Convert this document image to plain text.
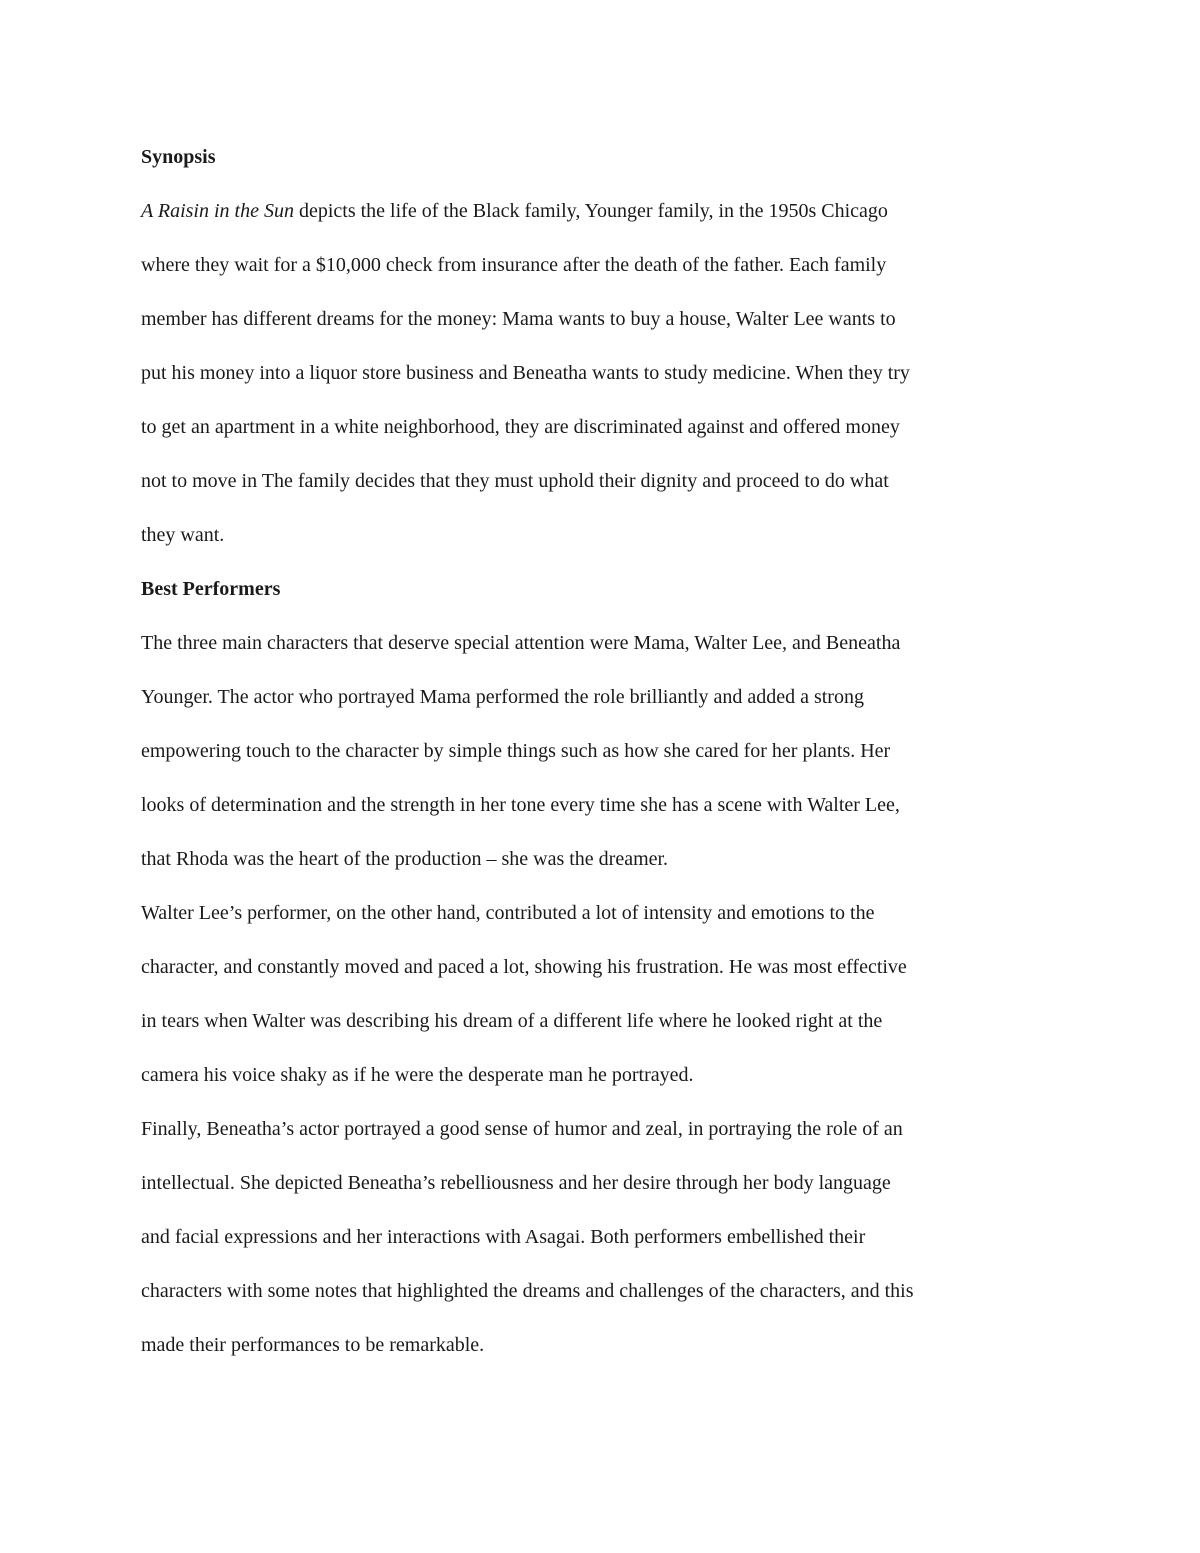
Synopsis
A Raisin in the Sun depicts the life of the Black family, Younger family, in the 1950s Chicago
where they wait for a $10,000 check from insurance after the death of the father. Each family
member has different dreams for the money: Mama wants to buy a house, Walter Lee wants to
put his money into a liquor store business and Beneatha wants to study medicine. When they try
to get an apartment in a white neighborhood, they are discriminated against and offered money
not to move in The family decides that they must uphold their dignity and proceed to do what
they want.
Best Performers
The three main characters that deserve special attention were Mama, Walter Lee, and Beneatha
Younger. The actor who portrayed Mama performed the role brilliantly and added a strong
empowering touch to the character by simple things such as how she cared for her plants. Her
looks of determination and the strength in her tone every time she has a scene with Walter Lee,
that Rhoda was the heart of the production – she was the dreamer.
Walter Lee’s performer, on the other hand, contributed a lot of intensity and emotions to the
character, and constantly moved and paced a lot, showing his frustration. He was most effective
in tears when Walter was describing his dream of a different life where he looked right at the
camera his voice shaky as if he were the desperate man he portrayed.
Finally, Beneatha’s actor portrayed a good sense of humor and zeal, in portraying the role of an
intellectual. She depicted Beneatha’s rebelliousness and her desire through her body language
and facial expressions and her interactions with Asagai. Both performers embellished their
characters with some notes that highlighted the dreams and challenges of the characters, and this
made their performances to be remarkable.
